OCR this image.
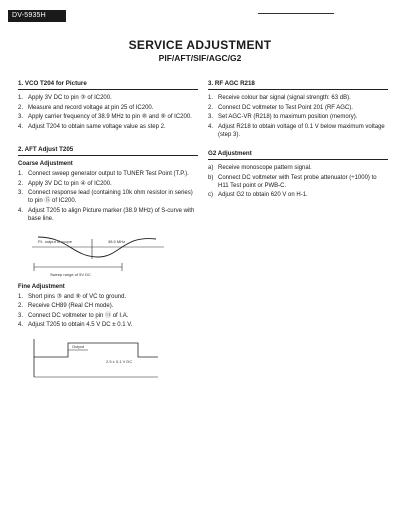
DV-5935H
SERVICE ADJUSTMENT
PIF/AFT/SIF/AGC/G2
1. VCO T204 for Picture
1. Apply 3V DC to pin ③ of IC200.
2. Measure and record voltage at pin 25 of IC200.
3. Apply carrier frequency of 38.9 MHz to pin ⑧ and ⑨ of IC200.
4. Adjust T204 to obtain same voltage value as step 2.
2. AFT Adjust T205
Coarse Adjustment
1. Connect sweep generator output to TUNER Test Point (T.P.).
2. Apply 3V DC to pin ④ of IC200.
3. Connect response lead (containing 10k ohm resistor in series) to pin ⑮ of IC200.
4. Adjust T205 to align Picture marker (38.9 MHz) of S-curve with base line.
P.I. output of scope	38.9 MHz
Sweep range of 5V DC
Fine Adjustment
1. Short pins ③ and ⑨ of VC to ground.
2. Receive CH89 (Real CH mode).
3. Connect DC voltmeter to pin ⑬ of I.A.
4. Adjust T205 to obtain 4.5 V DC ± 0.1 V.
Output
2.5 ± 0.1 V DC
3. RF AGC R218
1. Receive colour bar signal (signal strength: 63 dB).
2. Connect DC voltmeter to Test Point 201 (RF AGC).
3. Set AGC-VR (R218) to maximum position (memory).
4. Adjust R218 to obtain voltage of 0.1 V below maximum voltage (step 3).
G2 Adjustment
a) Receive monoscope pattern signal.
b) Connect DC voltmeter with Test probe attenuator (÷1000) to H11 Test point or PWB-C.
c) Adjust G2 to obtain 620 V on H-1.
